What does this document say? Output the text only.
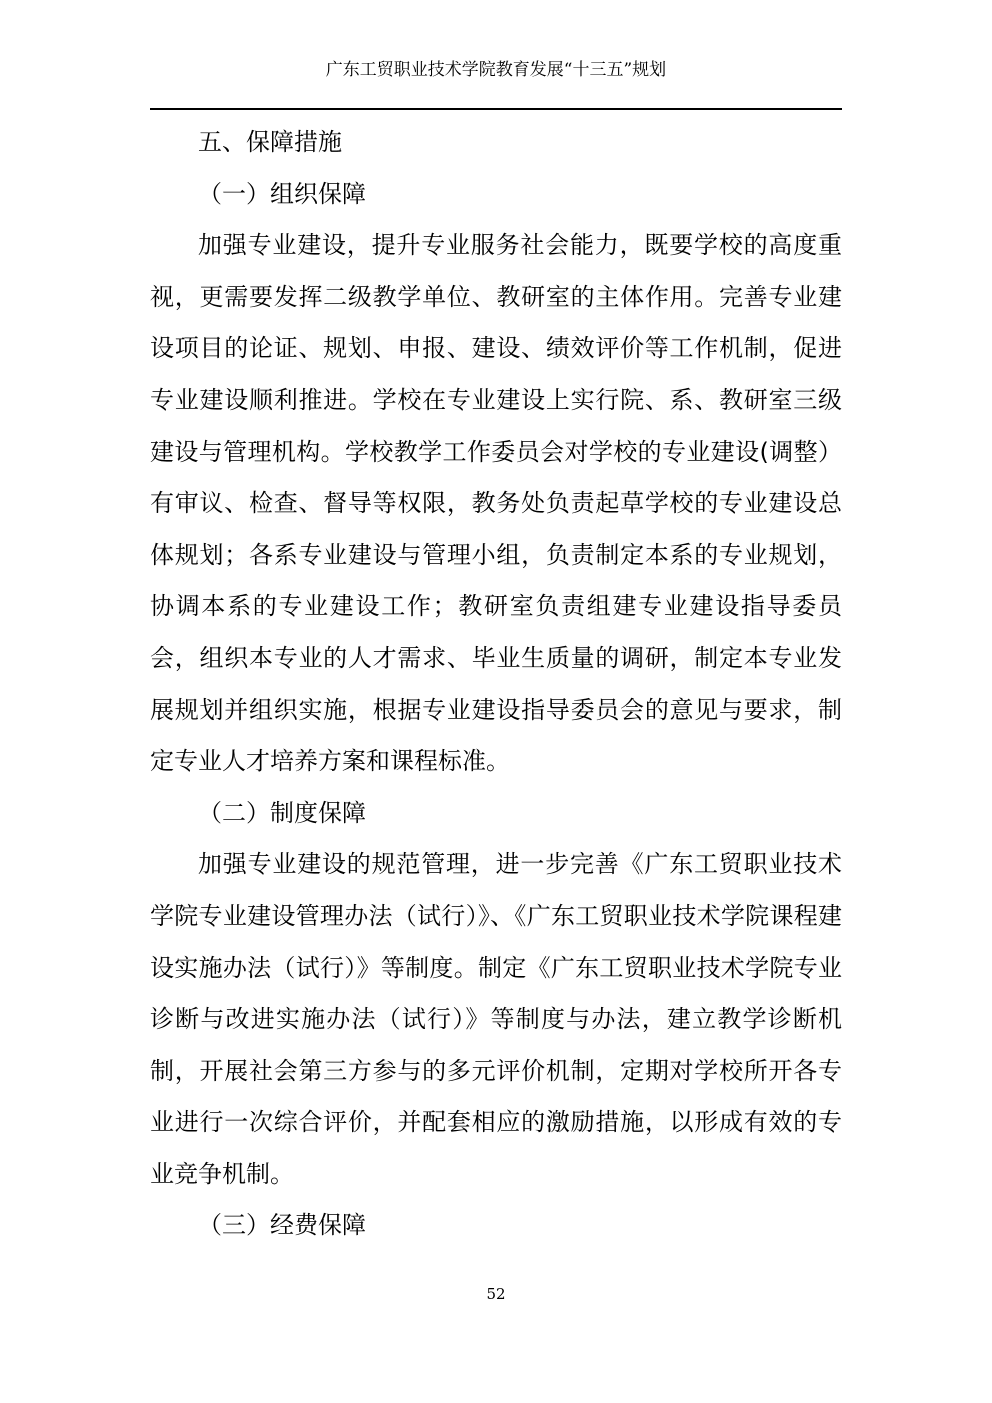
广东工贸职业技术学院教育发展“十三五”规划
五、保障措施
（一）组织保障

加强专业建设，提升专业服务社会能力，既要学校的高度重视，更需要发挥二级教学单位、教研室的主体作用。完善专业建设项目的论证、规划、申报、建设、绩效评价等工作机制，促进专业建设顺利推进。学校在专业建设上实行院、系、教研室三级建设与管理机构。学校教学工作委员会对学校的专业建设(调整）有审议、检查、督导等权限，教务处负责起草学校的专业建设总体规划；各系专业建设与管理小组，负责制定本系的专业规划，协调本系的专业建设工作；教研室负责组建专业建设指导委员会，组织本专业的人才需求、毕业生质量的调研，制定本专业发展规划并组织实施，根据专业建设指导委员会的意见与要求，制定专业人才培养方案和课程标准。

（二）制度保障

加强专业建设的规范管理，进一步完善《广东工贸职业技术学院专业建设管理办法（试行）》、《广东工贸职业技术学院课程建设实施办法（试行）》等制度。制定《广东工贸职业技术学院专业诊断与改进实施办法（试行）》等制度与办法，建立教学诊断机制，开展社会第三方参与的多元评价机制，定期对学校所开各专业进行一次综合评价，并配套相应的激励措施，以形成有效的专业竞争机制。

（三）经费保障
52
